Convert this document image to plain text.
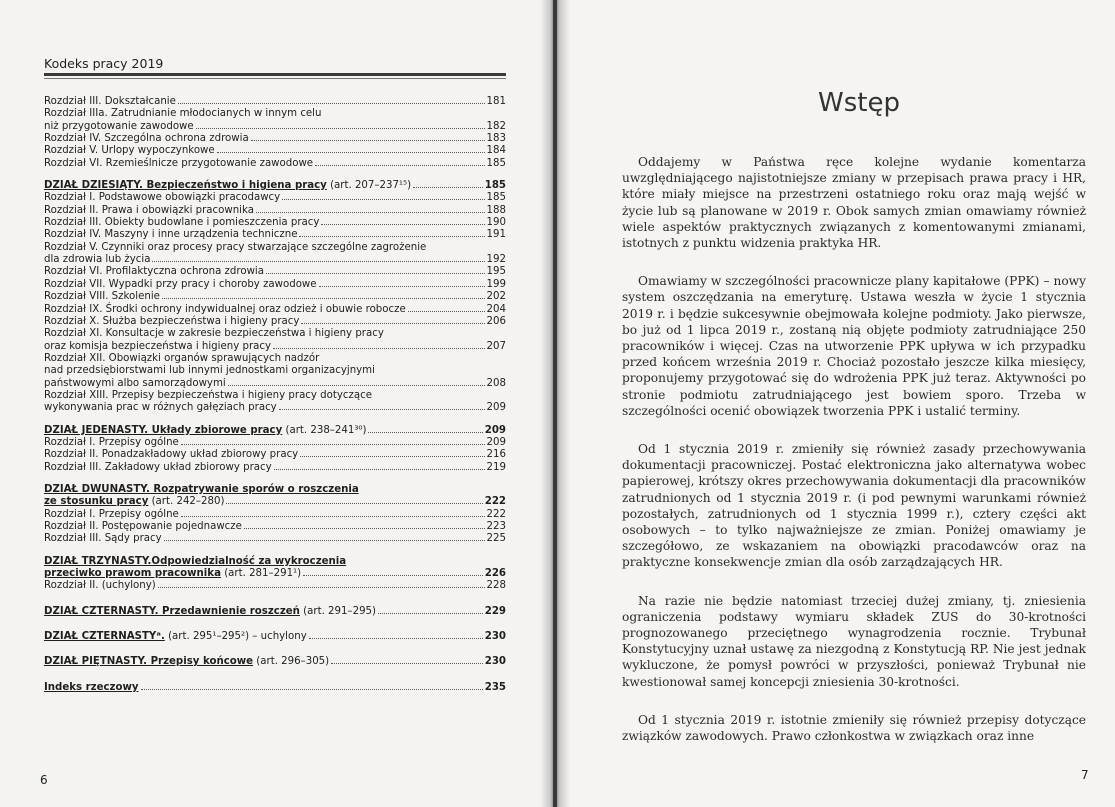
Kodeks pracy 2019
Rozdział III. Dokształcanie	181
Rozdział IIIa. Zatrudnianie młodocianych w innym celu
niż przygotowanie zawodowe	182
Rozdział IV. Szczególna ochrona zdrowia	183
Rozdział V. Urlopy wypoczynkowe	184
Rozdział VI. Rzemieślnicze przygotowanie zawodowe	185
DZIAŁ DZIESIĄTY. Bezpieczeństwo i higiena pracy (art. 207–237¹⁵)	185
Rozdział I. Podstawowe obowiązki pracodawcy	185
Rozdział II. Prawa i obowiązki pracownika	188
Rozdział III. Obiekty budowlane i pomieszczenia pracy	190
Rozdział IV. Maszyny i inne urządzenia techniczne	191
Rozdział V. Czynniki oraz procesy pracy stwarzające szczególne zagrożenie
dla zdrowia lub życia	192
Rozdział VI. Profilaktyczna ochrona zdrowia	195
Rozdział VII. Wypadki przy pracy i choroby zawodowe	199
Rozdział VIII. Szkolenie	202
Rozdział IX. Środki ochrony indywidualnej oraz odzież i obuwie robocze	204
Rozdział X. Służba bezpieczeństwa i higieny pracy	206
Rozdział XI. Konsultacje w zakresie bezpieczeństwa i higieny pracy
oraz komisja bezpieczeństwa i higieny pracy	207
Rozdział XII. Obowiązki organów sprawujących nadzór
nad przedsiębiorstwami lub innymi jednostkami organizacyjnymi
państwowymi albo samorządowymi	208
Rozdział XIII. Przepisy bezpieczeństwa i higieny pracy dotyczące
wykonywania prac w różnych gałęziach pracy	209
DZIAŁ JEDENASTY. Układy zbiorowe pracy (art. 238–241³⁰)	209
Rozdział I. Przepisy ogólne	209
Rozdział II. Ponadzakładowy układ zbiorowy pracy	216
Rozdział III. Zakładowy układ zbiorowy pracy	219
DZIAŁ DWUNASTY. Rozpatrywanie sporów o roszczenia
ze stosunku pracy (art. 242–280)	222
Rozdział I. Przepisy ogólne	222
Rozdział II. Postępowanie pojednawcze	223
Rozdział III. Sądy pracy	225
DZIAŁ TRZYNASTY.Odpowiedzialność za wykroczenia
przeciwko prawom pracownika (art. 281–291¹)	226
Rozdział II. (uchylony)	228
DZIAŁ CZTERNASTY. Przedawnienie roszczeń (art. 291–295)	229
DZIAŁ CZTERNASTYᵃ. (art. 295¹–295²) – uchylony	230
DZIAŁ PIĘTNASTY. Przepisy końcowe (art. 296–305)	230
Indeks rzeczowy	235
6
Wstęp

Oddajemy w Państwa ręce kolejne wydanie komentarza uwzględniającego najistotniejsze zmiany w przepisach prawa pracy i HR, które miały miejsce na przestrzeni ostatniego roku oraz mają wejść w życie lub są planowane w 2019 r. Obok samych zmian omawiamy również wiele aspektów praktycznych związanych z komentowanymi zmianami, istotnych z punktu widzenia praktyka HR.

Omawiamy w szczególności pracownicze plany kapitałowe (PPK) – nowy system oszczędzania na emeryturę. Ustawa weszła w życie 1 stycznia 2019 r. i będzie sukcesywnie obejmowała kolejne podmioty. Jako pierwsze, bo już od 1 lipca 2019 r., zostaną nią objęte podmioty zatrudniające 250 pracowników i więcej. Czas na utworzenie PPK upływa w ich przypadku przed końcem września 2019 r. Chociaż pozostało jeszcze kilka miesięcy, proponujemy przygotować się do wdrożenia PPK już teraz. Aktywności po stronie podmiotu zatrudniającego jest bowiem sporo. Trzeba w szczególności ocenić obowiązek tworzenia PPK i ustalić terminy.

Od 1 stycznia 2019 r. zmieniły się również zasady przechowywania dokumentacji pracowniczej. Postać elektroniczna jako alternatywa wobec papierowej, krótszy okres przechowywania dokumentacji dla pracowników zatrudnionych od 1 stycznia 2019 r. (i pod pewnymi warunkami również pozostałych, zatrudnionych od 1 stycznia 1999 r.), cztery części akt osobowych – to tylko najważniejsze ze zmian. Poniżej omawiamy je szczegółowo, ze wskazaniem na obowiązki pracodawców oraz na praktyczne konsekwencje zmian dla osób zarządzających HR.

Na razie nie będzie natomiast trzeciej dużej zmiany, tj. zniesienia ograniczenia podstawy wymiaru składek ZUS do 30-krotności prognozowanego przeciętnego wynagrodzenia rocznie. Trybunał Konstytucyjny uznał ustawę za niezgodną z Konstytucją RP. Nie jest jednak wykluczone, że pomysł powróci w przyszłości, ponieważ Trybunał nie kwestionował samej koncepcji zniesienia 30-krotności.

Od 1 stycznia 2019 r. istotnie zmieniły się również przepisy dotyczące związków zawodowych. Prawo członkostwa w związkach oraz inne

7
